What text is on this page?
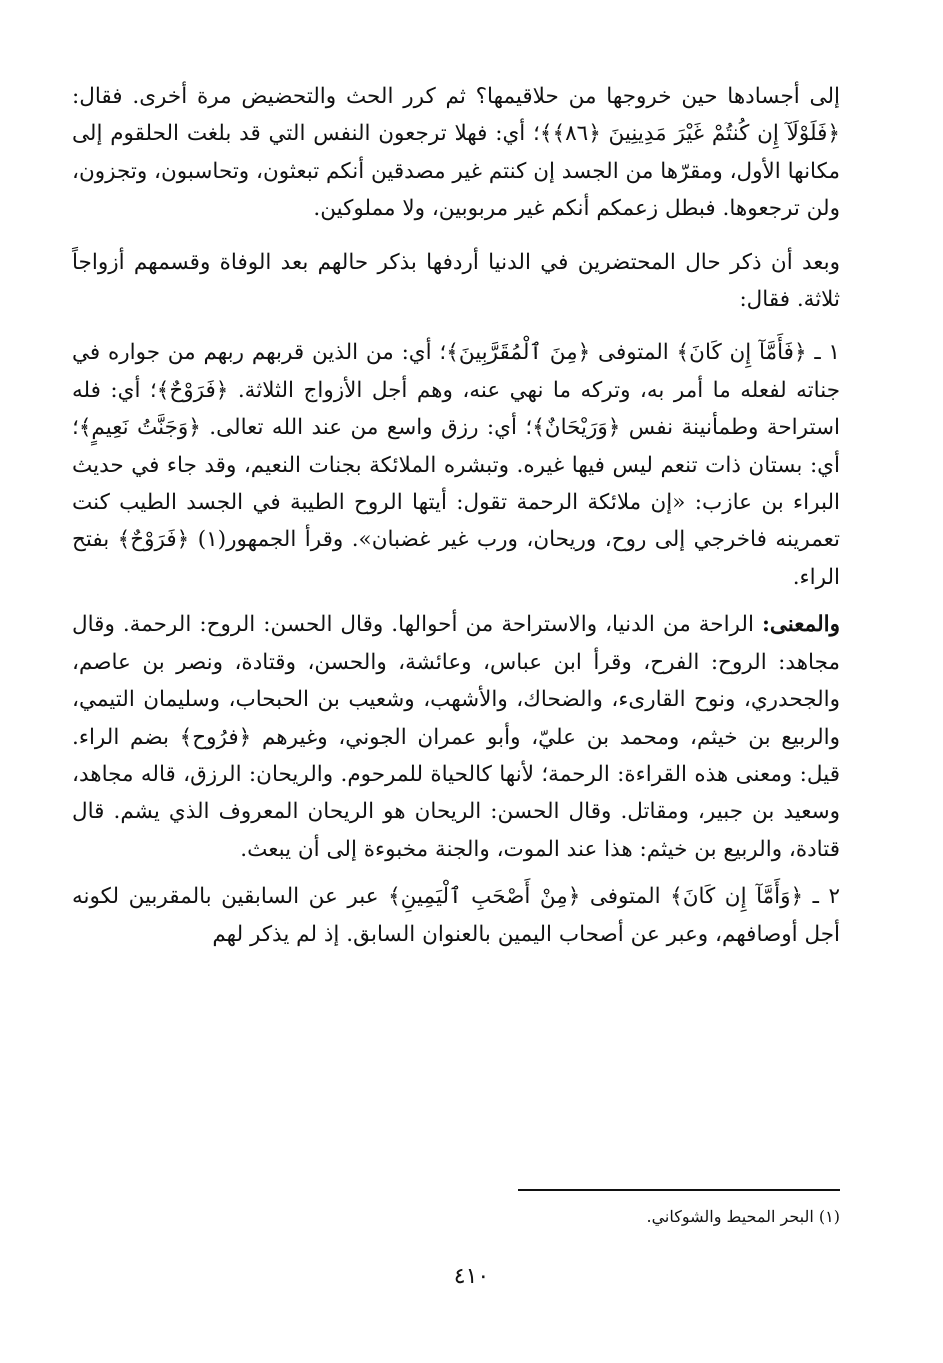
إلى أجسادها حين خروجها من حلاقيمها؟ ثم كرر الحث والتحضيض مرة أخرى. فقال: ﴿فَلَوْلَآ إِن كُنتُمْ غَيْرَ مَدِينِينَ ﴿٨٦﴾﴾؛ أي: فهلا ترجعون النفس التي قد بلغت الحلقوم إلى مكانها الأول، ومقرّها من الجسد إن كنتم غير مصدقين أنكم تبعثون، وتحاسبون، وتجزون، ولن ترجعوها. فبطل زعمكم أنكم غير مربوبين، ولا مملوكين.

وبعد أن ذكر حال المحتضرين في الدنيا أردفها بذكر حالهم بعد الوفاة وقسمهم أزواجاً ثلاثة. فقال:

١ ـ ﴿فَأَمَّآ إِن كَانَ﴾ المتوفى ﴿مِنَ ٱلْمُقَرَّبِينَ﴾؛ أي: من الذين قربهم ربهم من جواره في جناته لفعله ما أمر به، وتركه ما نهي عنه، وهم أجل الأزواج الثلاثة. ﴿فَرَوْحٌ﴾؛ أي: فله استراحة وطمأنينة نفس ﴿وَرَيْحَانٌ﴾؛ أي: رزق واسع من عند الله تعالى. ﴿وَجَنَّتُ نَعِيمٍ﴾؛ أي: بستان ذات تنعم ليس فيها غيره. وتبشره الملائكة بجنات النعيم، وقد جاء في حديث البراء بن عازب: «إن ملائكة الرحمة تقول: أيتها الروح الطيبة في الجسد الطيب كنت تعمرينه فاخرجي إلى روح، وريحان، ورب غير غضبان». وقرأ الجمهور(١) ﴿فَرَوْحٌ﴾ بفتح الراء.

والمعنى: الراحة من الدنيا، والاستراحة من أحوالها. وقال الحسن: الروح: الرحمة. وقال مجاهد: الروح: الفرح، وقرأ ابن عباس، وعائشة، والحسن، وقتادة، ونصر بن عاصم، والجحدري، ونوح القارىء، والضحاك، والأشهب، وشعيب بن الحبحاب، وسليمان التيمي، والربيع بن خيثم، ومحمد بن عليّ، وأبو عمران الجوني، وغيرهم ﴿فرُوح﴾ بضم الراء. قيل: ومعنى هذه القراءة: الرحمة؛ لأنها كالحياة للمرحوم. والريحان: الرزق، قاله مجاهد، وسعيد بن جبير، ومقاتل. وقال الحسن: الريحان هو الريحان المعروف الذي يشم. قال قتادة، والربيع بن خيثم: هذا عند الموت، والجنة مخبوءة إلى أن يبعث.

٢ ـ ﴿وَأَمَّآ إِن كَانَ﴾ المتوفى ﴿مِنْ أَصْحَبِ ٱلْيَمِينِ﴾ عبر عن السابقين بالمقربين لكونه أجل أوصافهم، وعبر عن أصحاب اليمين بالعنوان السابق. إذ لم يذكر لهم

(١) البحر المحيط والشوكاني.
٤١٠
